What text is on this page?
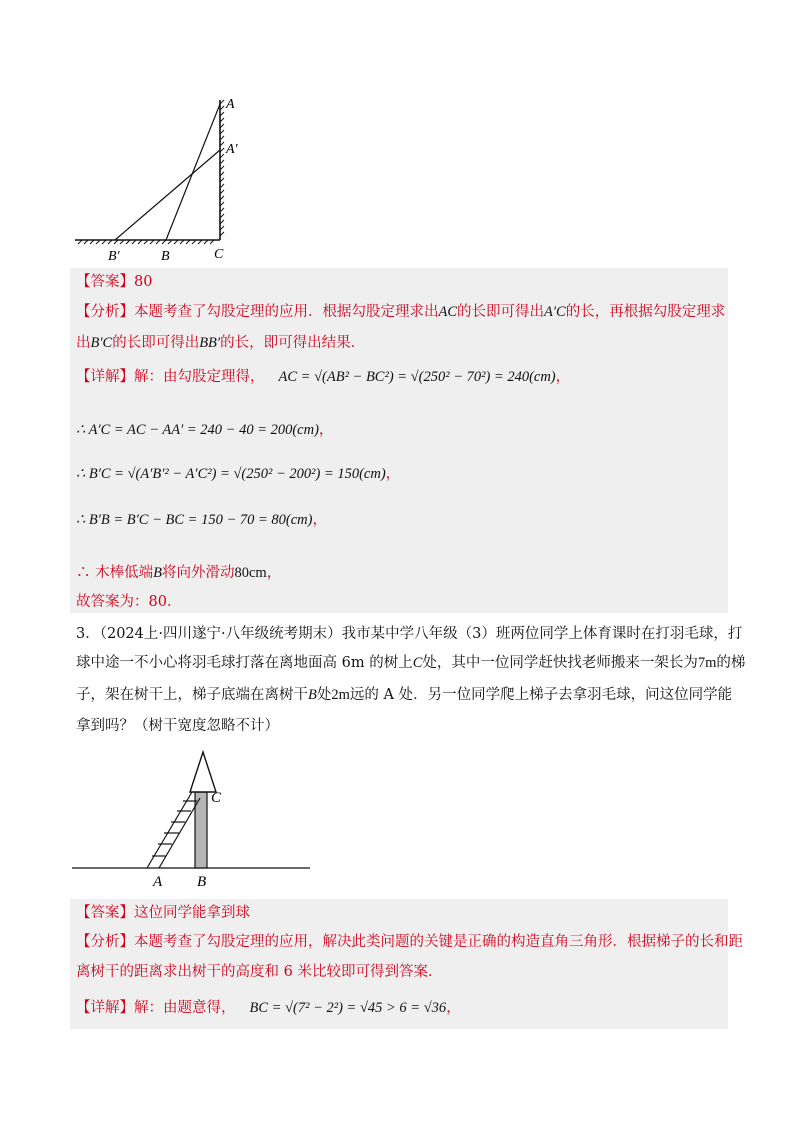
A
A′
B′	B	C
【答案】80
【分析】本题考查了勾股定理的应用．根据勾股定理求出AC的长即可得出A′C的长，再根据勾股定理求
出B′C的长即可得出BB′的长，即可得出结果．
【详解】解：由勾股定理得， AC = √(AB² − BC²) = √(250² − 70²) = 240(cm)，
∴ A′C = AC − AA′ = 240 − 40 = 200(cm)，
∴ B′C = √(A′B′² − A′C²) = √(250² − 200²) = 150(cm)，
∴ B′B = B′C − BC = 150 − 70 = 80(cm)，
∴ 木棒低端B将向外滑动80cm，
故答案为：80．
3．（2024上·四川遂宁·八年级统考期末）我市某中学八年级（3）班两位同学上体育课时在打羽毛球，打
球中途一不小心将羽毛球打落在离地面高 6m 的树上C处，其中一位同学赶快找老师搬来一架长为7m的梯
子，架在树干上，梯子底端在离树干B处2m远的 A 处．另一位同学爬上梯子去拿羽毛球，问这位同学能
拿到吗？（树干宽度忽略不计）
C
A B
【答案】这位同学能拿到球
【分析】本题考查了勾股定理的应用，解决此类问题的关键是正确的构造直角三角形．根据梯子的长和距
离树干的距离求出树干的高度和 6 米比较即可得到答案．
【详解】解：由题意得， BC = √(7² − 2²) = √45 > 6 = √36，
